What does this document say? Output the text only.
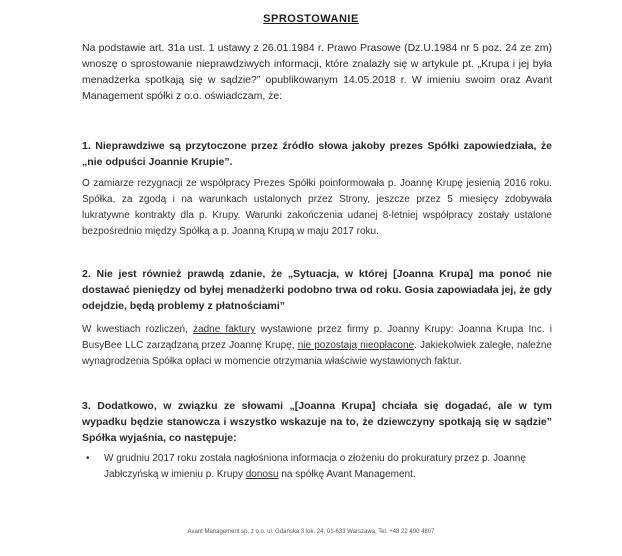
SPROSTOWANIE
Na podstawie art. 31a ust. 1 ustawy z 26.01.1984 r. Prawo Prasowe (Dz.U.1984 nr 5 poz. 24 ze zm) wnoszę o sprostowanie nieprawdziwych informacji, które znalazły się w artykule pt. „Krupa i jej była menadżerka spotkają się w sądzie?” opublikowanym 14.05.2018 r. W imieniu swoim oraz Avant Management spółki z o.o. oświadczam, że:
1. Nieprawdziwe są przytoczone przez źródło słowa jakoby prezes Spółki zapowiedziała, że „nie odpuści Joannie Krupie”.
O zamiarze rezygnacji ze współpracy Prezes Spółki poinformowała p. Joannę Krupę jesienią 2016 roku. Spółka, za zgodą i na warunkach ustalonych przez Strony, jeszcze przez 5 miesięcy zdobywała lukratywne kontrakty dla p. Krupy. Warunki zakończenia udanej 8-letniej współpracy zostały ustalone bezpośrednio między Spółką a p. Joanną Krupą w maju 2017 roku.
2. Nie jest również prawdą zdanie, że „Sytuacja, w której [Joanna Krupa] ma ponoć nie dostawać pieniędzy od byłej menadżerki podobno trwa od roku. Gosia zapowiadała jej, że gdy odejdzie, będą problemy z płatnościami”
W kwestiach rozliczeń, żadne faktury wystawione przez firmy p. Joanny Krupy: Joanna Krupa Inc. i BusyBee LLC zarządzaną przez Joannę Krupę, nie pozostają nieopłacone. Jakiekolwiek zaległe, należne wynagrodzenia Spółka opłaci w momencie otrzymania właściwie wystawionych faktur.
3. Dodatkowo, w związku ze słowami „[Joanna Krupa] chciała się dogadać, ale w tym wypadku będzie stanowcza i wszystko wskazuje na to, że dziewczyny spotkają się w sądzie” Spółka wyjaśnia, co następuje:
•	W grudniu 2017 roku została nagłośniona informacja o złożeniu do prokuratury przez p. Joannę Jabłczyńską w imieniu p. Krupy donosu na spółkę Avant Management.
Avant Management sp. z o.o. ul. Gdańska 3 lok. 24, 01-633 Warszawa, Tel. +48 22 490 4807
